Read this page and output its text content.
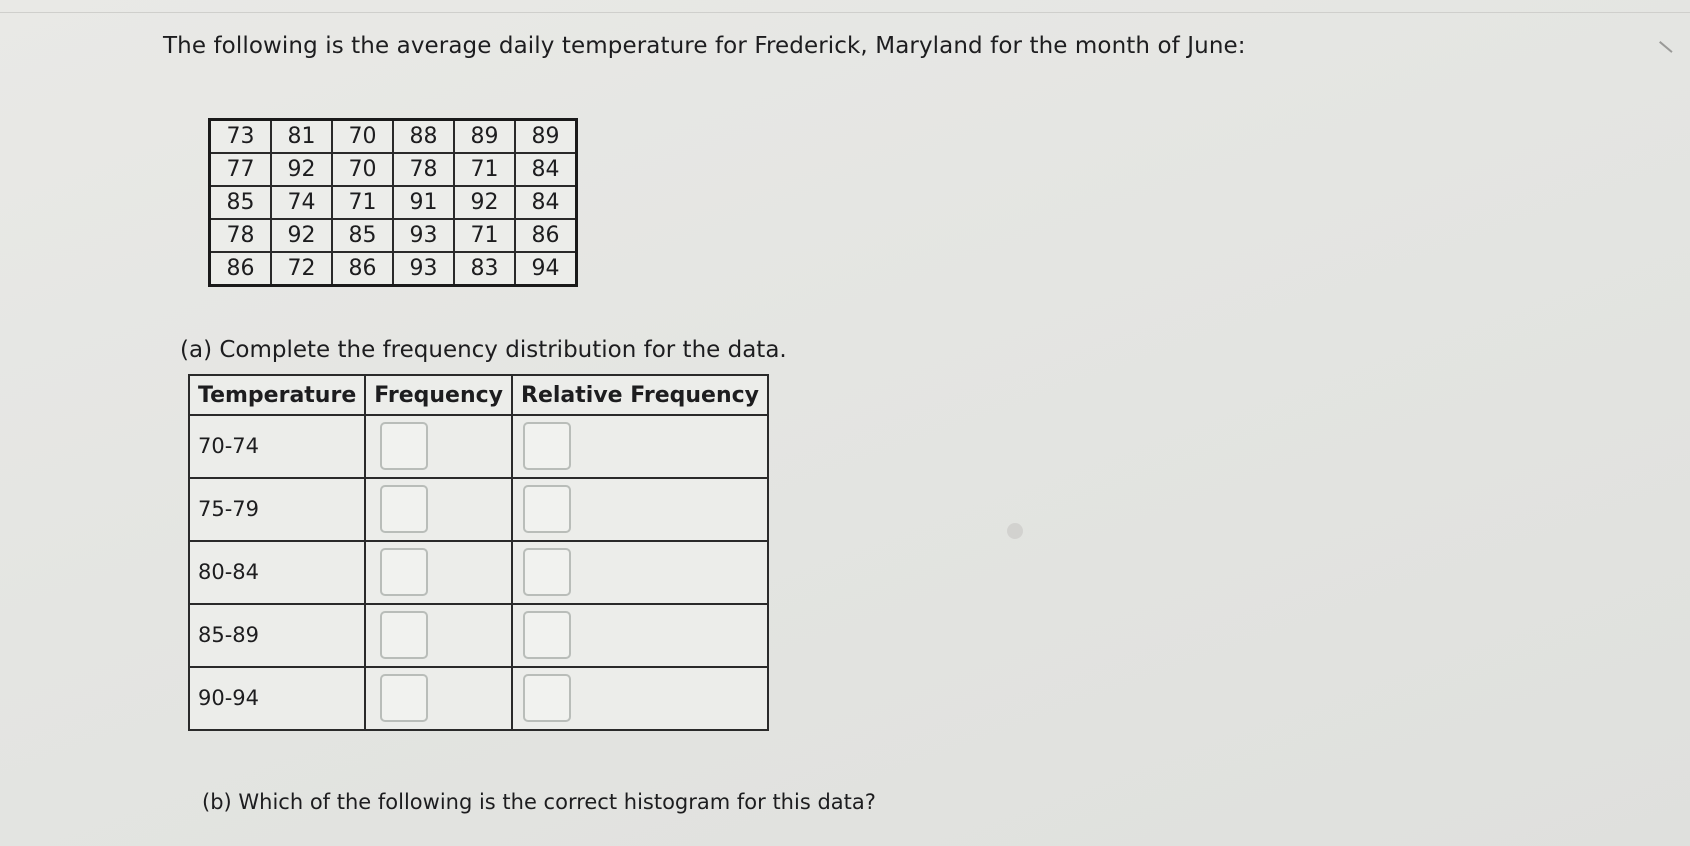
The following is the average daily temperature for Frederick, Maryland for the month of June:
73	81	70	88	89	89
77	92	70	78	71	84
85	74	71	91	92	84
78	92	85	93	71	86
86	72	86	93	83	94
(a) Complete the frequency distribution for the data.
Temperature	Frequency	Relative Frequency
70-74	

75-79	

80-84	

85-89	

90-94	

(b) Which of the following is the correct histogram for this data?
